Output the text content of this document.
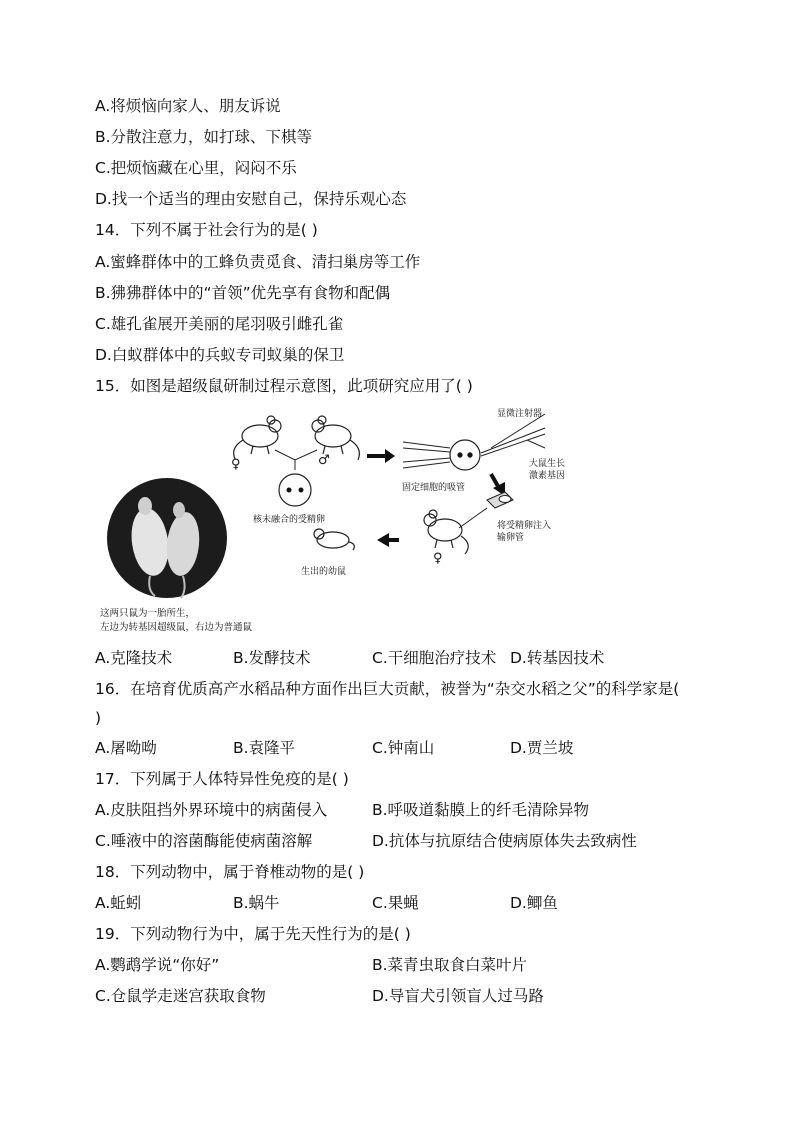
A.将烦恼向家人、朋友诉说
B.分散注意力，如打球、下棋等
C.把烦恼藏在心里，闷闷不乐
D.找一个适当的理由安慰自己，保持乐观心态
14．下列不属于社会行为的是( )
A.蜜蜂群体中的工蜂负责觅食、清扫巢房等工作
B.狒狒群体中的“首领”优先享有食物和配偶
C.雄孔雀展开美丽的尾羽吸引雌孔雀
D.白蚁群体中的兵蚁专司蚁巢的保卫
15．如图是超级鼠研制过程示意图，此项研究应用了( )
♀	♂
核未融合的受精卵
显微注射器
固定细胞的吸管
大鼠生长激素基因
将受精卵注入输卵管
♀
生出的幼鼠
这两只鼠为一胎所生，
左边为转基因超级鼠，右边为普通鼠
A.克隆技术	B.发酵技术	C.干细胞治疗技术 D.转基因技术
16．在培育优质高产水稻品种方面作出巨大贡献，被誉为“杂交水稻之父”的科学家是(
)
A.屠呦呦	B.袁隆平	C.钟南山	D.贾兰坡
17．下列属于人体特异性免疫的是( )
A.皮肤阻挡外界环境中的病菌侵入	B.呼吸道黏膜上的纤毛清除异物
C.唾液中的溶菌酶能使病菌溶解	D.抗体与抗原结合使病原体失去致病性
18．下列动物中，属于脊椎动物的是( )
A.蚯蚓	B.蜗牛	C.果蝇	D.鲫鱼
19．下列动物行为中，属于先天性行为的是( )
A.鹦鹉学说“你好”	B.菜青虫取食白菜叶片
C.仓鼠学走迷宫获取食物	D.导盲犬引领盲人过马路
